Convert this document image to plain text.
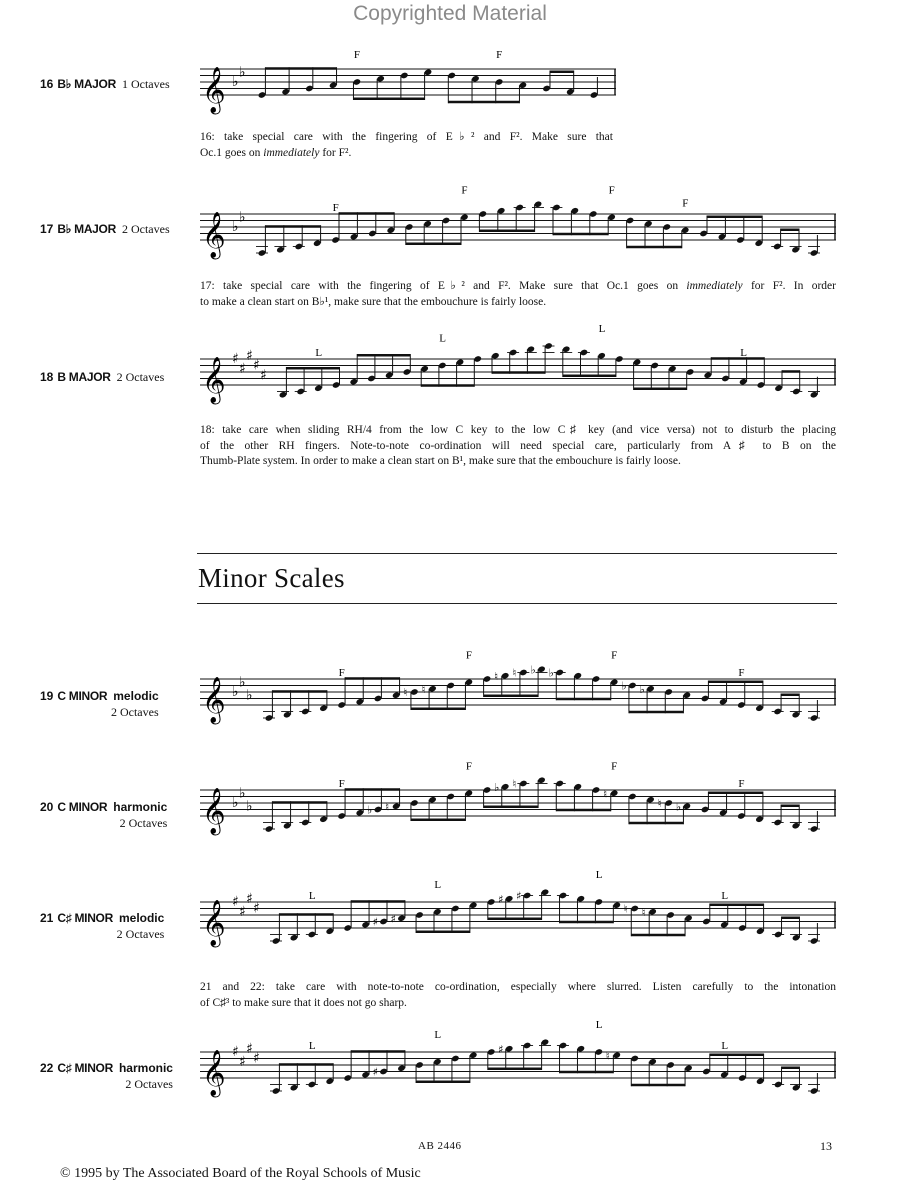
Copyrighted Material
16 B♭ MAJOR 1 Octaves 𝄞 ♭
♭
F	F
16: take special care with the fingering of E♭² and F². Make sure that
Oc.1 goes on immediately for F².
17 B♭ MAJOR 2 Octaves 𝄞 ♭
♭
F
F	F
F
17: take special care with the fingering of E♭² and F². Make sure that Oc.1 goes on immediately for F². In order
to make a clean start on B♭¹, make sure that the embouchure is fairly loose.
18 B MAJOR 2 Octaves 𝄞 ♯
♯
♯
♯
♯
L
L
L
L
18: take care when sliding RH/4 from the low C key to the low C♯ key (and vice versa) not to disturb the placing
of the other RH fingers. Note-to-note co-ordination will need special care, particularly from A♯ to B on the
Thumb-Plate system. In order to make a clean start on B¹, make sure that the embouchure is fairly loose.
Minor Scales
19 C MINOR melodic
2 Octaves 𝄞 ♭
♭
♭	♮ ♮
♮ ♮ ♭ ♭
♭ ♭
F
F	F
F
20 C MINOR harmonic
2 Octaves 𝄞 ♭
♭
♭	♭ ♮
♭ ♮
♮
♮ ♭
F
F	F
F
21 C♯ MINOR melodic
2 Octaves 𝄞 ♯
♯
♯
♯
♯ ♯
♯ ♯
♮ ♮
L
L
L
L
21 and 22: take care with note-to-note co-ordination, especially where slurred. Listen carefully to the intonation
of C♯³ to make sure that it does not go sharp.
22 C♯ MINOR harmonic
2 Octaves 𝄞 ♯
♯
♯
♯
♯
♯	♮
L
L
L
L
AB 2446	13
© 1995 by The Associated Board of the Royal Schools of Music
